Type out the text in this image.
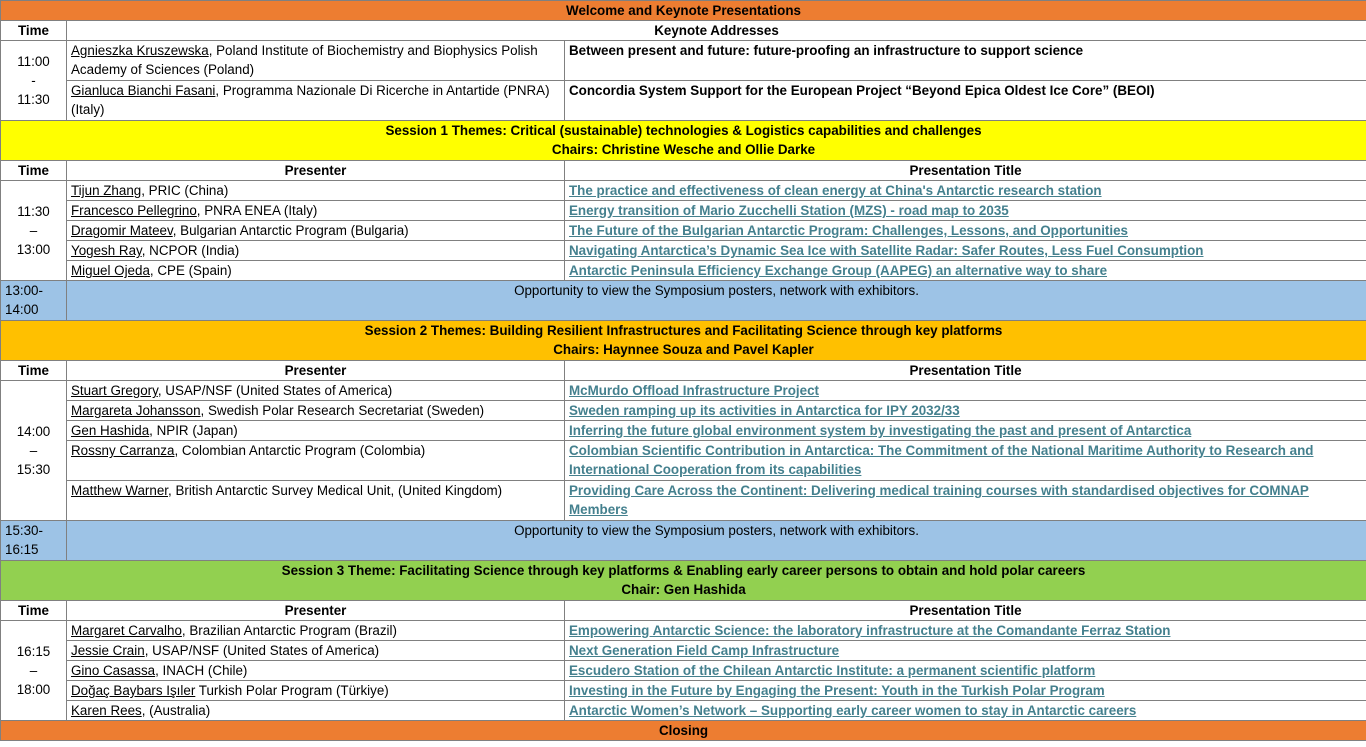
Welcome and Keynote Presentations		
Time	Keynote Addresses	

11:00
-
11:30	Agnieszka Kruszewska, Poland Institute of Biochemistry and Biophysics Polish Academy of Sciences (Poland)	Between present and future: future-proofing an infrastructure to support science
	Gianluca Bianchi Fasani, Programma Nazionale Di Ricerche in Antartide (PNRA) (Italy)	Concordia System Support for the European Project “Beyond Epica Oldest Ice Core” (BEOI)

Session 1 Themes: Critical (sustainable) technologies & Logistics capabilities and challenges
Chairs: Christine Wesche and Ollie Darke		

Time	Presenter	Presentation Title

11:30
–
13:00	Tijun Zhang, PRIC (China)	The practice and effectiveness of clean energy at China's Antarctic research station
	Francesco Pellegrino, PNRA ENEA (Italy)	Energy transition of Mario Zucchelli Station (MZS) - road map to 2035
	Dragomir Mateev, Bulgarian Antarctic Program (Bulgaria)	The Future of the Bulgarian Antarctic Program: Challenges, Lessons, and Opportunities
	Yogesh Ray, NCPOR (India)	Navigating Antarctica’s Dynamic Sea Ice with Satellite Radar: Safer Routes, Less Fuel Consumption
	Miguel Ojeda, CPE (Spain)	Antarctic Peninsula Efficiency Exchange Group (AAPEG) an alternative way to share

13:00-
14:00	Opportunity to view the Symposium posters, network with exhibitors.	

Session 2 Themes: Building Resilient Infrastructures and Facilitating Science through key platforms
Chairs: Haynnee Souza and Pavel Kapler		

Time	Presenter	Presentation Title

14:00
–
15:30	Stuart Gregory, USAP/NSF (United States of America)	McMurdo Offload Infrastructure Project
	Margareta Johansson, Swedish Polar Research Secretariat (Sweden)	Sweden ramping up its activities in Antarctica for IPY 2032/33
	Gen Hashida, NPIR (Japan)	Inferring the future global environment system by investigating the past and present of Antarctica
	Rossny Carranza, Colombian Antarctic Program (Colombia)	Colombian Scientific Contribution in Antarctica: The Commitment of the National Maritime Authority to Research and International Cooperation from its capabilities
	Matthew Warner, British Antarctic Survey Medical Unit, (United Kingdom)	Providing Care Across the Continent: Delivering medical training courses with standardised objectives for COMNAP Members

15:30-
16:15	Opportunity to view the Symposium posters, network with exhibitors.	

Session 3 Theme: Facilitating Science through key platforms & Enabling early career persons to obtain and hold polar careers
Chair: Gen Hashida		

Time	Presenter	Presentation Title

16:15
–
18:00	Margaret Carvalho, Brazilian Antarctic Program (Brazil)	Empowering Antarctic Science: the laboratory infrastructure at the Comandante Ferraz Station
	Jessie Crain, USAP/NSF (United States of America)	Next Generation Field Camp Infrastructure
	Gino Casassa, INACH (Chile)	Escudero Station of the Chilean Antarctic Institute: a permanent scientific platform
	Doğaç Baybars Işıler Turkish Polar Program (Türkiye)	Investing in the Future by Engaging the Present: Youth in the Turkish Polar Program
	Karen Rees, (Australia)	Antarctic Women’s Network – Supporting early career women to stay in Antarctic careers
Closing		
